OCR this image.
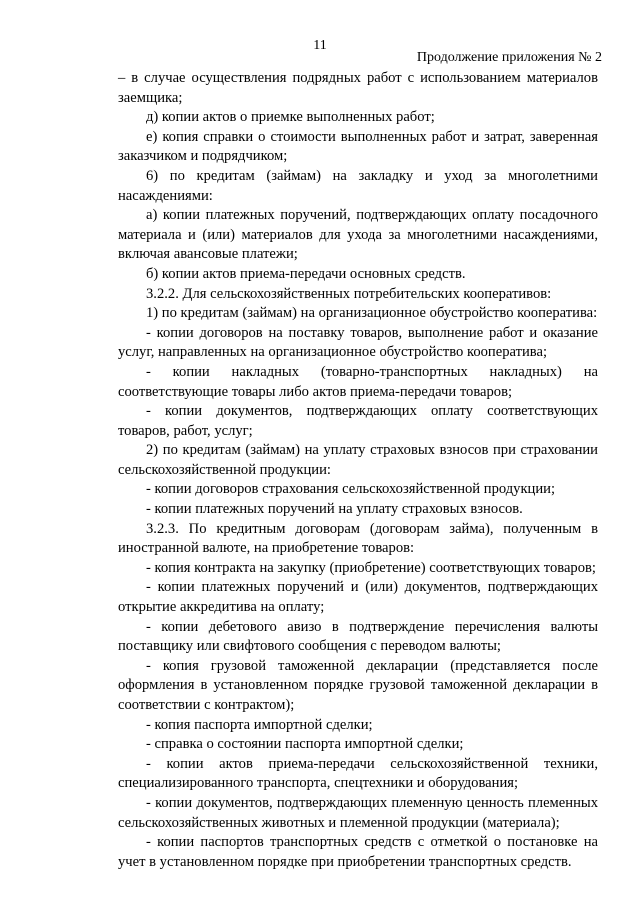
11
Продолжение приложения № 2

– в случае осуществления подрядных работ с использованием материалов заемщика;

д) копии актов о приемке выполненных работ;

е) копия справки о стоимости выполненных работ и затрат, заверенная заказчиком и подрядчиком;

6) по кредитам (займам) на закладку и уход за многолетними насаждениями:

а) копии платежных поручений, подтверждающих оплату посадочного материала и (или) материалов для ухода за многолетними насаждениями, включая авансовые платежи;

б) копии актов приема-передачи основных средств.

3.2.2. Для сельскохозяйственных потребительских кооперативов:

1) по кредитам (займам) на организационное обустройство кооператива:

- копии договоров на поставку товаров, выполнение работ и оказание услуг, направленных на организационное обустройство кооператива;

- копии накладных (товарно-транспортных накладных) на соответствующие товары либо актов приема-передачи товаров;

- копии документов, подтверждающих оплату соответствующих товаров, работ, услуг;

2) по кредитам (займам) на уплату страховых взносов при страховании сельскохозяйственной продукции:

- копии договоров страхования сельскохозяйственной продукции;

- копии платежных поручений на уплату страховых взносов.

3.2.3. По кредитным договорам (договорам займа), полученным в иностранной валюте, на приобретение товаров:

- копия контракта на закупку (приобретение) соответствующих товаров;

- копии платежных поручений и (или) документов, подтверждающих открытие аккредитива на оплату;

- копии дебетового авизо в подтверждение перечисления валюты поставщику или свифтового сообщения с переводом валюты;

- копия грузовой таможенной декларации (представляется после оформления в установленном порядке грузовой таможенной декларации в соответствии с контрактом);

- копия паспорта импортной сделки;

- справка о состоянии паспорта импортной сделки;

- копии актов приема-передачи сельскохозяйственной техники, специализированного транспорта, спецтехники и оборудования;

- копии документов, подтверждающих племенную ценность племенных сельскохозяйственных животных и племенной продукции (материала);

- копии паспортов транспортных средств с отметкой о постановке на учет в установленном порядке при приобретении транспортных средств.
